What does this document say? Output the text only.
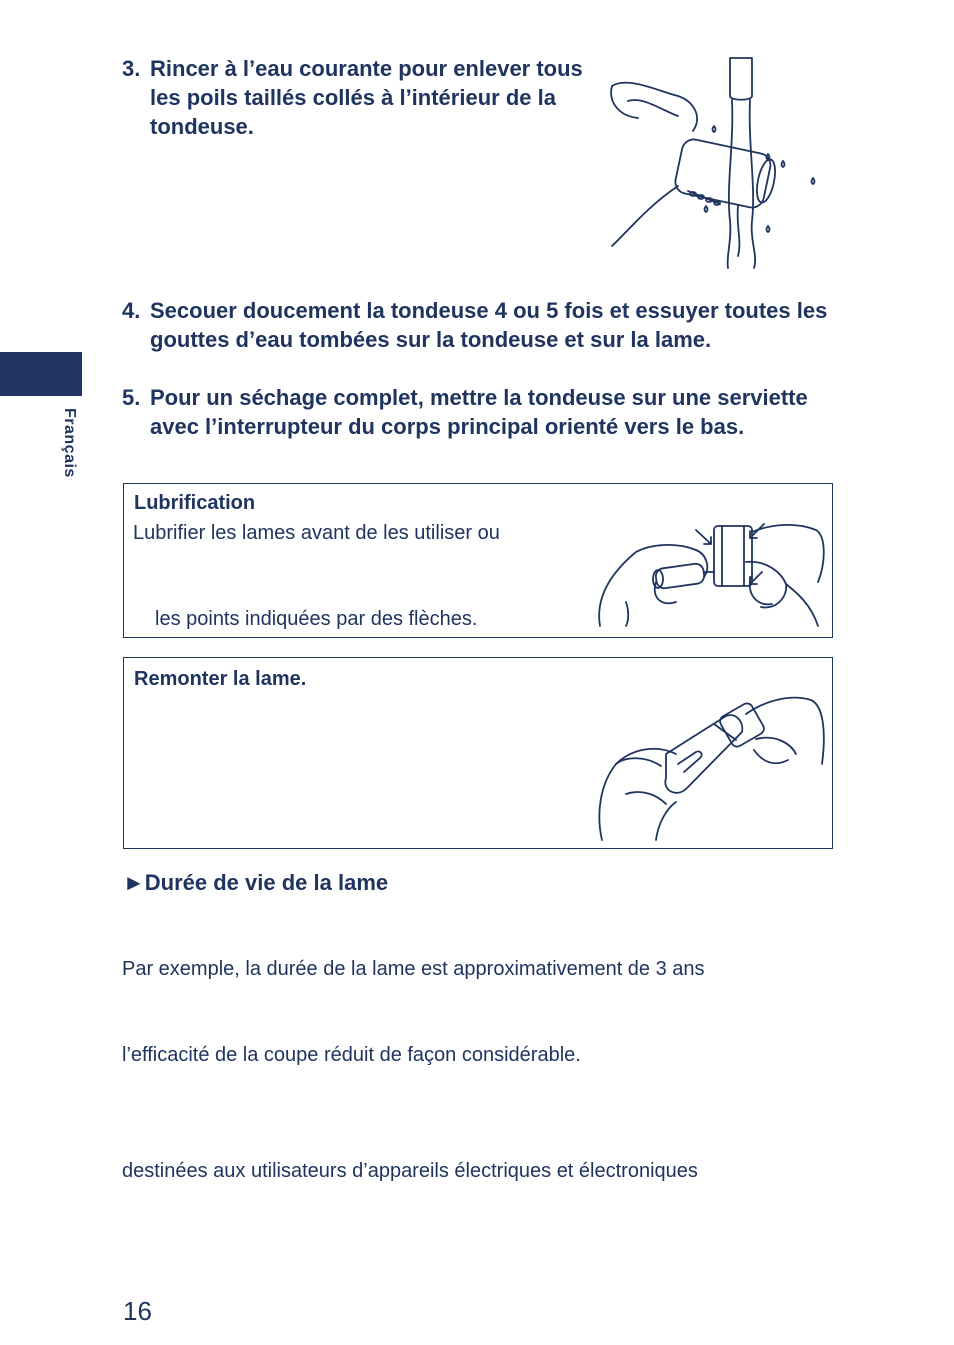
Français
3. Rincer à l’eau courante pour enlever tous les poils taillés collés à l’intérieur de la tondeuse.
4. Secouer doucement la tondeuse 4 ou 5 fois et essuyer toutes les gouttes d’eau tombées sur la tondeuse et sur la lame.
5. Pour un séchage complet, mettre la tondeuse sur une serviette avec l’interrupteur du corps principal orienté vers le bas.
Lubrification
Lubrifier les lames avant de les utiliser ou
les points indiquées par des flèches.
Remonter la lame.
►Durée de vie de la lame
Par exemple, la durée de la lame est approximativement de 3 ans
l’efficacité de la coupe réduit de façon considérable.
destinées aux utilisateurs d’appareils électriques et électroniques
16
